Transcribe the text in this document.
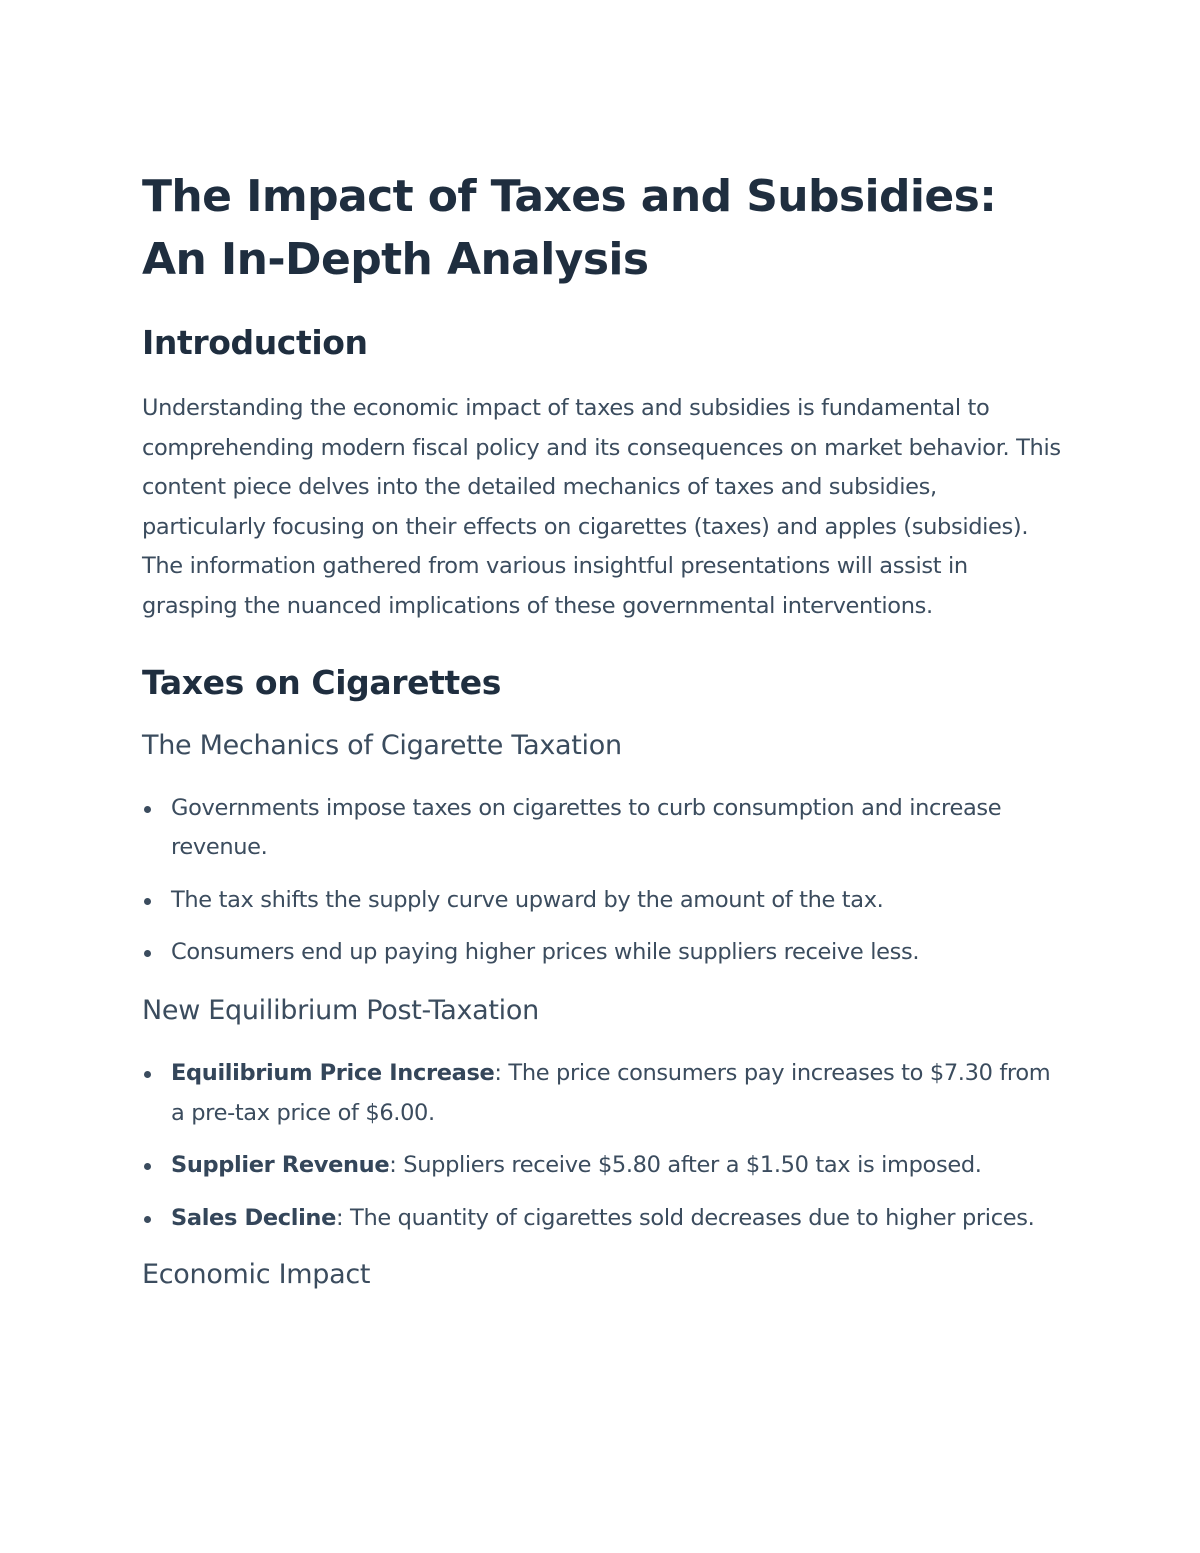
The Impact of Taxes and Subsidies: An In-Depth Analysis
Introduction

Understanding the economic impact of taxes and subsidies is fundamental to comprehending modern fiscal policy and its consequences on market behavior. This content piece delves into the detailed mechanics of taxes and subsidies, particularly focusing on their effects on cigarettes (taxes) and apples (subsidies). The information gathered from various insightful presentations will assist in grasping the nuanced implications of these governmental interventions.

Taxes on Cigarettes
The Mechanics of Cigarette Taxation
Governments impose taxes on cigarettes to curb consumption and increase revenue.
The tax shifts the supply curve upward by the amount of the tax.
Consumers end up paying higher prices while suppliers receive less.
New Equilibrium Post-Taxation
Equilibrium Price Increase: The price consumers pay increases to $7.30 from a pre-tax price of $6.00.
Supplier Revenue: Suppliers receive $5.80 after a $1.50 tax is imposed.
Sales Decline: The quantity of cigarettes sold decreases due to higher prices.
Economic Impact
